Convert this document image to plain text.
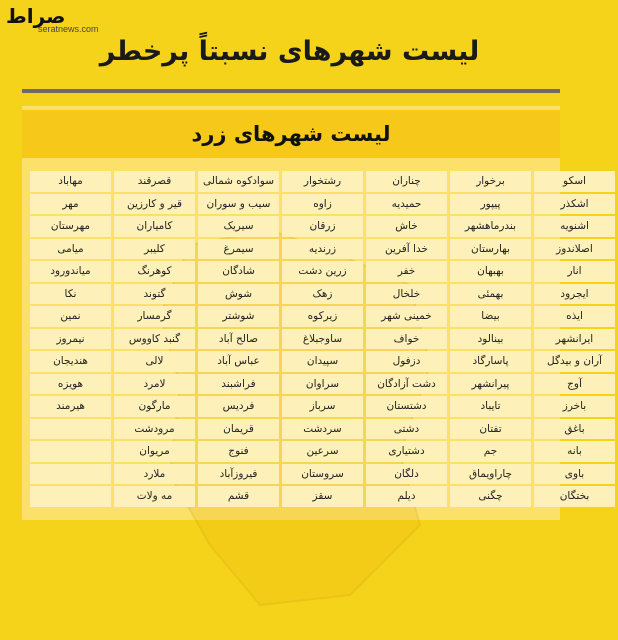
صراط
seratnews.com
لیست شهرهای نسبتاً پرخطر
لیست شهرهای زرد
اسکو	برخوار	چناران	رشتخوار	سوادکوه شمالی	قصرقند	مهاباد
اشکذر	پیپور	حمیدیه	زاوه	سیب و سوران	قیر و کارزین	مهر
اشنویه	بندرماهشهر	خاش	زرقان	سیریک	کامیاران	مهرستان
اصلاندوز	بهارستان	خدا آفرین	زرندیه	سیمرغ	کلیبر	میامی
انار	بهبهان	خفر	زرین دشت	شادگان	کوهرنگ	میاندورود
ایجرود	بهمئی	خلخال	زهک	شوش	گتوند	نکا
ایذه	بیضا	خمینی شهر	زیرکوه	شوشتر	گرمسار	نمین
ایرانشهر	بینالود	خواف	ساوجبلاغ	صالح آباد	گنبد کاووس	نیمروز
آران و بیدگل	پاسارگاد	دزفول	سپیدان	عباس آباد	لالی	هندیجان
آوج	پیرانشهر	دشت آزادگان	سراوان	فراشبند	لامرد	هویزه
باخرز	تایباد	دشتستان	سرباز	فردیس	مارگون	هیرمند
باغق	تفتان	دشتی	سردشت	قریمان	مرودشت	
بانه	جم	دشتیاری	سرعین	فنوج	مریوان	
باوی	چاراویماق	دلگان	سروستان	فیروزآباد	ملارد	
بختگان	چگنی	دیلم	سقز	قشم	مه ولات	
